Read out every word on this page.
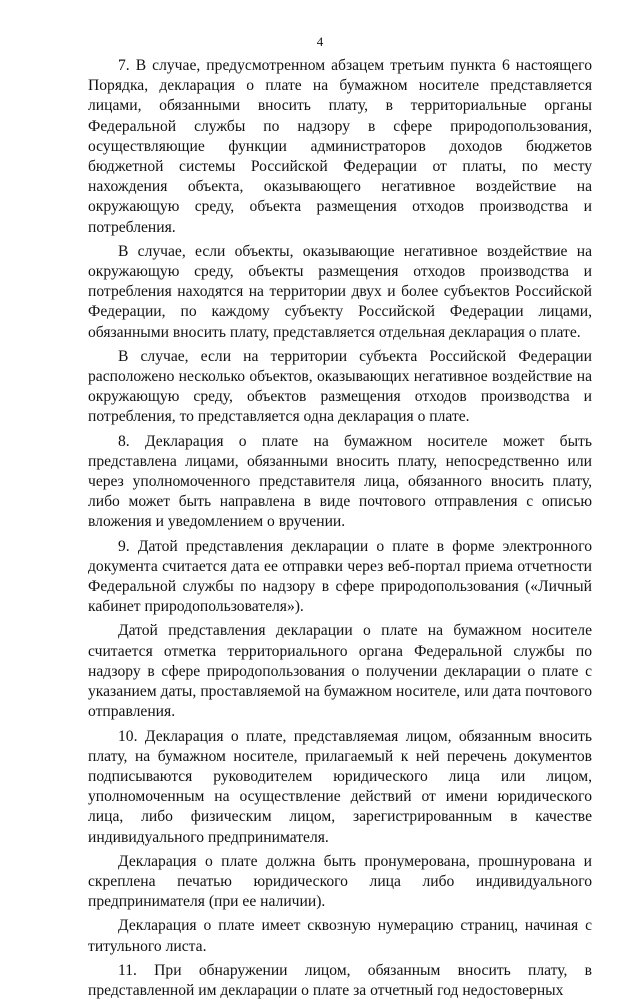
4

7. В случае, предусмотренном абзацем третьим пункта 6 настоящего Порядка, декларация о плате на бумажном носителе представляется лицами, обязанными вносить плату, в территориальные органы Федеральной службы по надзору в сфере природопользования, осуществляющие функции администраторов доходов бюджетов бюджетной системы Российской Федерации от платы, по месту нахождения объекта, оказывающего негативное воздействие на окружающую среду, объекта размещения отходов производства и потребления.

В случае, если объекты, оказывающие негативное воздействие на окружающую среду, объекты размещения отходов производства и потребления находятся на территории двух и более субъектов Российской Федерации, по каждому субъекту Российской Федерации лицами, обязанными вносить плату, представляется отдельная декларация о плате.

В случае, если на территории субъекта Российской Федерации расположено несколько объектов, оказывающих негативное воздействие на окружающую среду, объектов размещения отходов производства и потребления, то представляется одна декларация о плате.

8. Декларация о плате на бумажном носителе может быть представлена лицами, обязанными вносить плату, непосредственно или через уполномоченного представителя лица, обязанного вносить плату, либо может быть направлена в виде почтового отправления с описью вложения и уведомлением о вручении.

9. Датой представления декларации о плате в форме электронного документа считается дата ее отправки через веб-портал приема отчетности Федеральной службы по надзору в сфере природопользования («Личный кабинет природопользователя»).

Датой представления декларации о плате на бумажном носителе считается отметка территориального органа Федеральной службы по надзору в сфере природопользования о получении декларации о плате с указанием даты, проставляемой на бумажном носителе, или дата почтового отправления.

10. Декларация о плате, представляемая лицом, обязанным вносить плату, на бумажном носителе, прилагаемый к ней перечень документов подписываются руководителем юридического лица или лицом, уполномоченным на осуществление действий от имени юридического лица, либо физическим лицом, зарегистрированным в качестве индивидуального предпринимателя.

Декларация о плате должна быть пронумерована, прошнурована и скреплена печатью юридического лица либо индивидуального предпринимателя (при ее наличии).

Декларация о плате имеет сквозную нумерацию страниц, начиная с титульного листа.

11. При обнаружении лицом, обязанным вносить плату, в представленной им декларации о плате за отчетный год недостоверных
